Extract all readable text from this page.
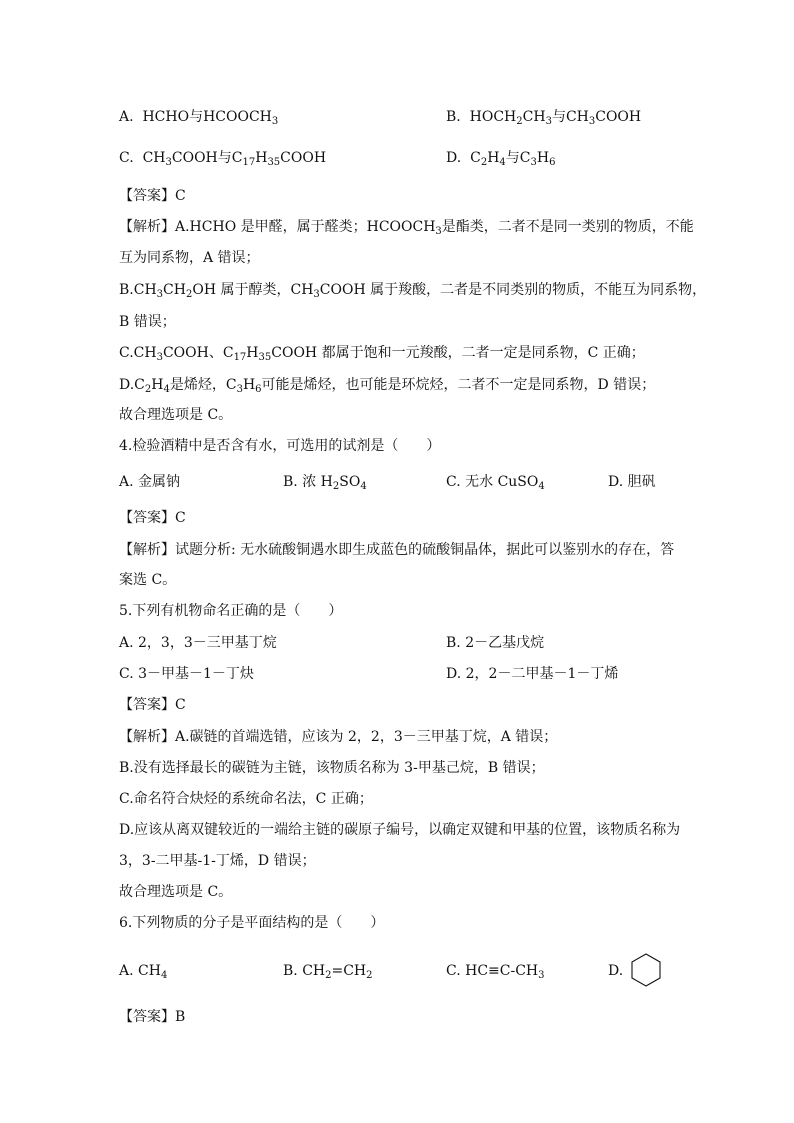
A. HCHO与$HCOOCH_3$	B. $HOCH_2CH_3$与$CH_3COOH$
C. $CH_3COOH$与$C_{17}H_{35}COOH$	D. $C_2H_4$与$C_3H_6$
【答案】C
【解析】A.HCHO 是甲醛，属于醛类；$HCOOCH_3$是酯类，二者不是同一类别的物质，不能
互为同系物，A 错误；
$B.CH_3CH_2OH$ 属于醇类，$CH_3COOH$ 属于羧酸，二者是不同类别的物质，不能互为同系物，
B 错误；
$C.CH_3COOH$、$C_{17}H_{35}COOH$ 都属于饱和一元羧酸，二者一定是同系物，C 正确；
$D.C_2H_4$是烯烃，$C_3H_6$可能是烯烃，也可能是环烷烃，二者不一定是同系物，D 错误；
故合理选项是 C。
4.检验酒精中是否含有水，可选用的试剂是（　　）
A. 金属钠	B. 浓 $H_2SO_4$	C. 无水 CuSO$_4$	D. 胆矾
【答案】C
【解析】试题分析: 无水硫酸铜遇水即生成蓝色的硫酸铜晶体，据此可以鉴别水的存在，答
案选 C。
5.下列有机物命名正确的是（　　）
A. 2，3，3－三甲基丁烷	B. 2－乙基戊烷
C. 3－甲基－1－丁炔	D. 2，2－二甲基－1－丁烯
【答案】C
【解析】A.碳链的首端选错，应该为 2，2，3－三甲基丁烷，A 错误；
B.没有选择最长的碳链为主链，该物质名称为 3-甲基己烷，B 错误；
C.命名符合炔烃的系统命名法，C 正确；
D.应该从离双键较近的一端给主链的碳原子编号，以确定双键和甲基的位置，该物质名称为
3，3-二甲基-1-丁烯，D 错误；
故合理选项是 C。
6.下列物质的分子是平面结构的是（　　）
A. $CH_4$	B. $CH_2=CH_2$	C. $HC\equiv C-CH_3$	D.
【答案】B
